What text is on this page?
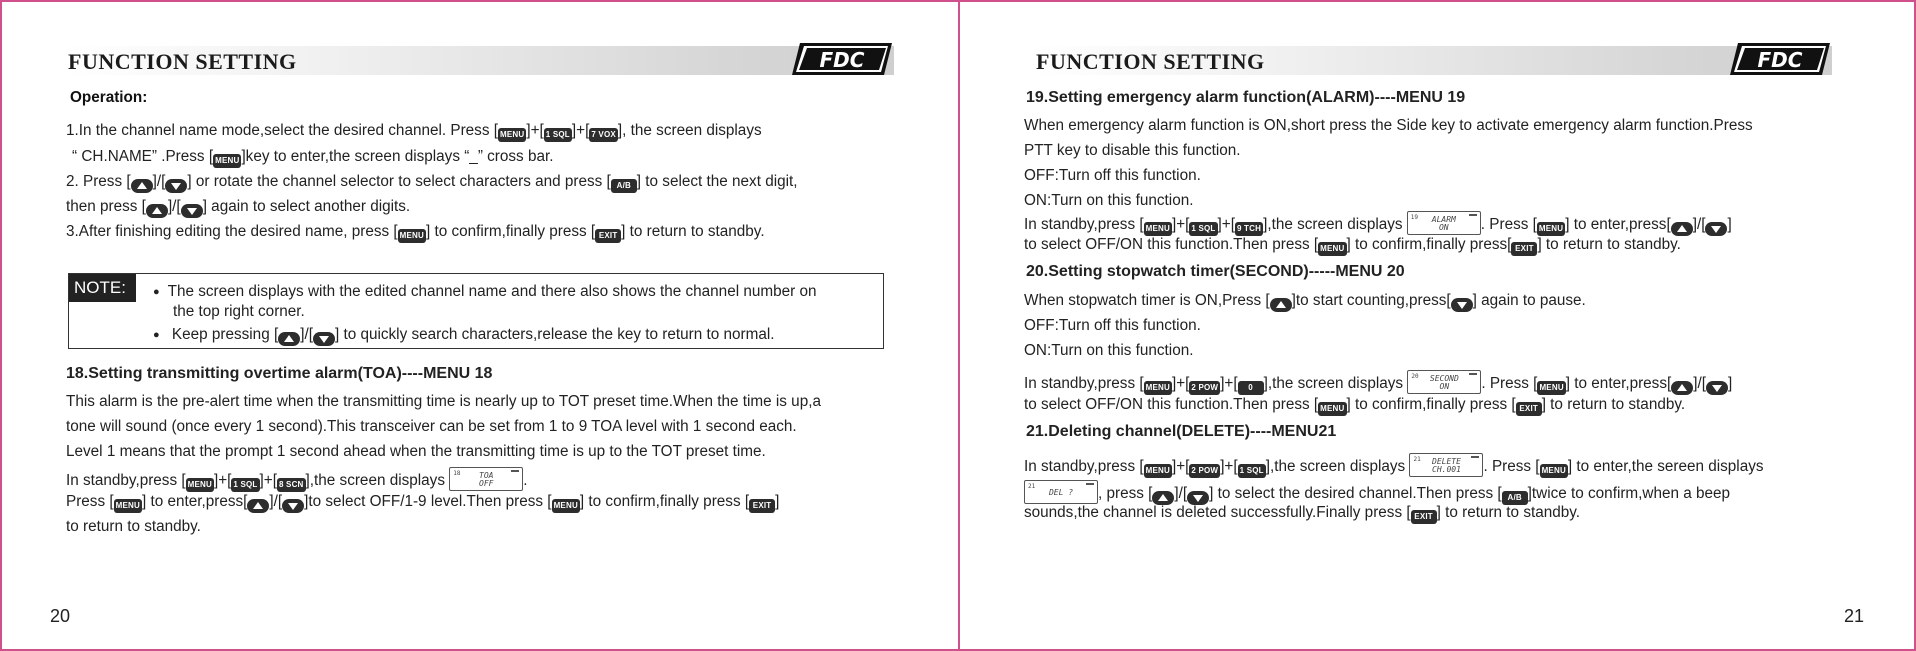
FUNCTION SETTING	FDC
Operation:
1.In the channel name mode,select the desired channel. Press [ MENU ]+[ 1 SQL ]+[ 7 VOX ], the screen displays
“ CH.NAME” .Press [ MENU ]key to enter,the screen displays “_” cross bar.
2. Press [ ]/[ ] or rotate the channel selector to select characters and press [ A/B ] to select the next digit,
then press [ ]/[ ] again to select another digits.
3.After finishing editing the desired name, press [ MENU ] to confirm,finally press [ EXIT ] to return to standby.
NOTE:
●	The screen displays with the edited channel name and there also shows the channel number on
the top right corner.
● Keep pressing [ ]/[ ] to quickly search characters,release the key to return to normal.
18.Setting transmitting overtime alarm(TOA)----MENU 18
This alarm is the pre-alert time when the transmitting time is nearly up to TOT preset time.When the time is up,a
tone will sound (once every 1 second).This transceiver can be set from 1 to 9 TOA level with 1 second each.
Level 1 means that the prompt 1 second ahead when the transmitting time is up to the TOT preset time.
In standby,press [ MENU ]+[ 1 SQL ]+[ 8 SCN ],the screen displays 18	TOA
OFF	.
Press [ MENU ] to enter,press[ ]/[ ]to select OFF/1-9 level.Then press [ MENU ] to confirm,finally press [ EXIT ]
to return to standby.
20
FUNCTION SETTING	FDC
19.Setting emergency alarm function(ALARM)----MENU 19
When emergency alarm function is ON,short press the Side key to activate emergency alarm function.Press
PTT key to disable this function.
OFF:Turn off this function.
ON:Turn on this function.
In standby,press [ MENU ]+[ 1 SQL ]+[ 9 TCH ],the screen displays 19	ALARM
ON	. Press [ MENU ] to enter,press[ ]/[ ]
to select OFF/ON this function.Then press [ MENU ] to confirm,finally press[ EXIT ] to return to standby.
20.Setting stopwatch timer(SECOND)-----MENU 20
When stopwatch timer is ON,Press [ ]to start counting,press[ ] again to pause.
OFF:Turn off this function.
ON:Turn on this function.
In standby,press [ MENU ]+[ 2 POW ]+[ 0 ],the screen displays 20	SECOND
ON	. Press [ MENU ] to enter,press[ ]/[ ]
to select OFF/ON this function.Then press [ MENU ] to confirm,finally press [ EXIT ] to return to standby.
21.Deleting channel(DELETE)----MENU21
In standby,press [ MENU ]+[ 2 POW ]+[ 1 SQL ],the screen displays 21	DELETE
CH.001	. Press [ MENU ] to enter,the sereen displays
21
DEL ?	, press [ ]/[ ] to select the desired channel.Then press [ A/B ]twice to confirm,when a beep
sounds,the channel is deleted successfully.Finally press [ EXIT ] to return to standby.
21
